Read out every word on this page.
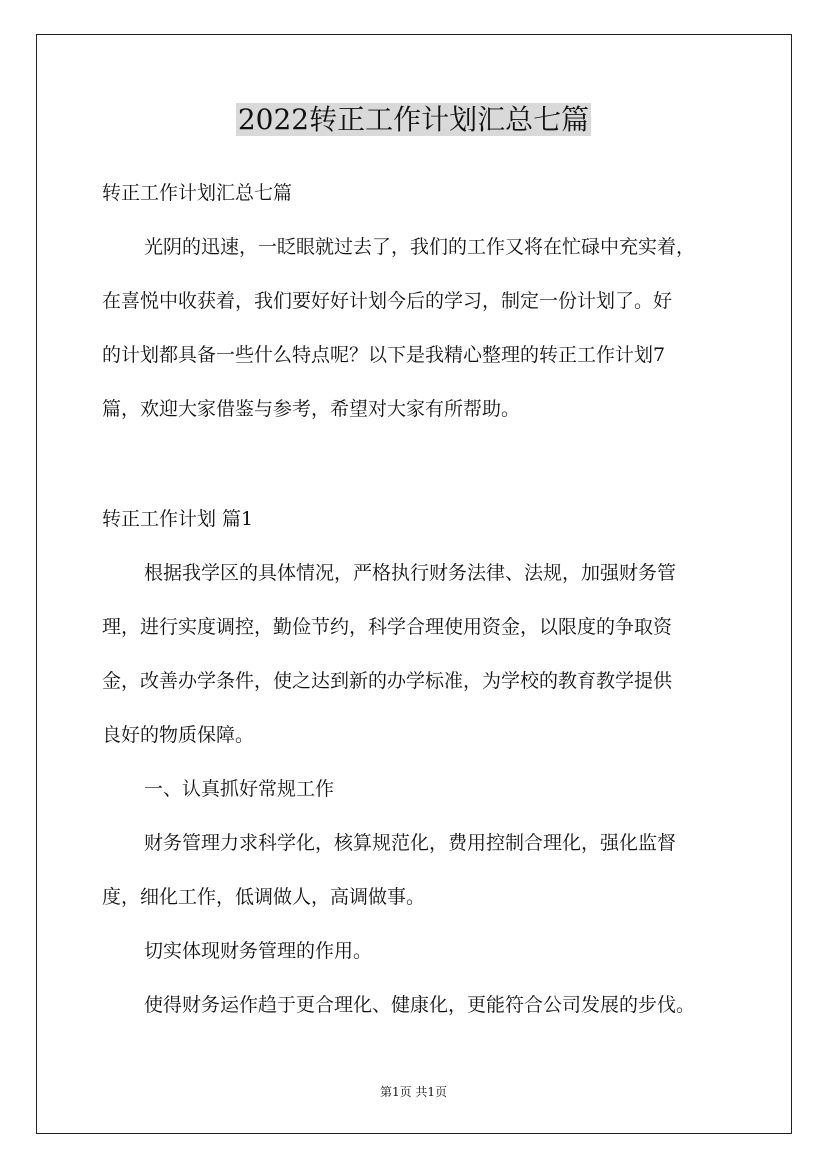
2022转正工作计划汇总七篇

转正工作计划汇总七篇

光阴的迅速，一眨眼就过去了，我们的工作又将在忙碌中充实着，

在喜悦中收获着，我们要好好计划今后的学习，制定一份计划了。好

的计划都具备一些什么特点呢？以下是我精心整理的转正工作计划7

篇，欢迎大家借鉴与参考，希望对大家有所帮助。

转正工作计划 篇1

根据我学区的具体情况，严格执行财务法律、法规，加强财务管

理，进行实度调控，勤俭节约，科学合理使用资金，以限度的争取资

金，改善办学条件，使之达到新的办学标准，为学校的教育教学提供

良好的物质保障。

一、认真抓好常规工作

财务管理力求科学化，核算规范化，费用控制合理化，强化监督

度，细化工作，低调做人，高调做事。

切实体现财务管理的作用。

使得财务运作趋于更合理化、健康化，更能符合公司发展的步伐。

第1页 共1页
